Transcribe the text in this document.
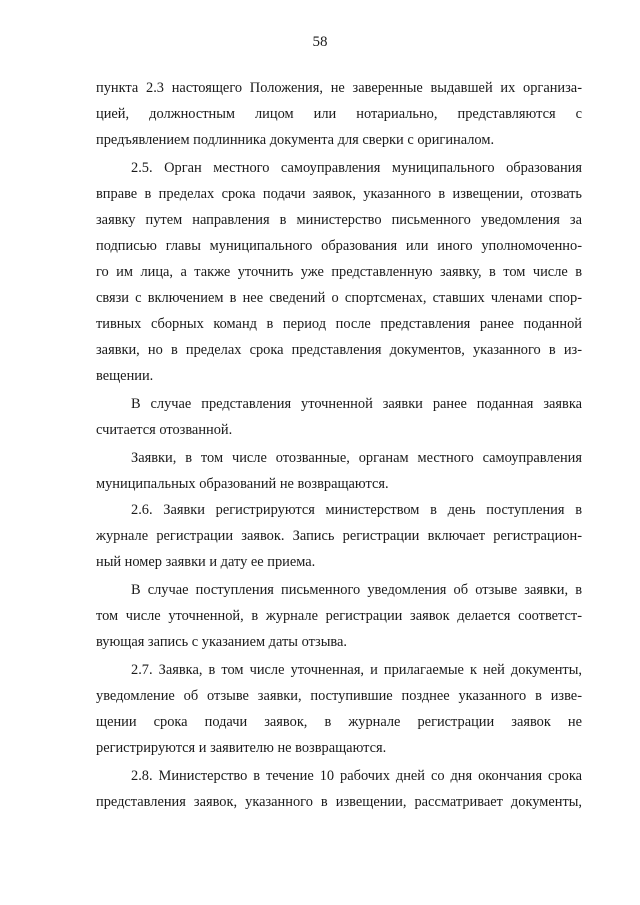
58
пункта 2.3 настоящего Положения, не заверенные выдавшей их организа-
цией, должностным лицом или нотариально, представляются с
предъявлением подлинника документа для сверки с оригиналом.
2.5. Орган местного самоуправления муниципального образования
вправе в пределах срока подачи заявок, указанного в извещении, отозвать
заявку путем направления в министерство письменного уведомления за
подписью главы муниципального образования или иного уполномоченно-
го им лица, а также уточнить уже представленную заявку, в том числе в
связи с включением в нее сведений о спортсменах, ставших членами спор-
тивных сборных команд в период после представления ранее поданной
заявки, но в пределах срока представления документов, указанного в из-
вещении.
В случае представления уточненной заявки ранее поданная заявка
считается отозванной.
Заявки, в том числе отозванные, органам местного самоуправления
муниципальных образований не возвращаются.
2.6. Заявки регистрируются министерством в день поступления в
журнале регистрации заявок. Запись регистрации включает регистрацион-
ный номер заявки и дату ее приема.
В случае поступления письменного уведомления об отзыве заявки, в
том числе уточненной, в журнале регистрации заявок делается соответст-
вующая запись с указанием даты отзыва.
2.7. Заявка, в том числе уточненная, и прилагаемые к ней документы,
уведомление об отзыве заявки, поступившие позднее указанного в изве-
щении срока подачи заявок, в журнале регистрации заявок не
регистрируются и заявителю не возвращаются.
2.8. Министерство в течение 10 рабочих дней со дня окончания срока
представления заявок, указанного в извещении, рассматривает документы,
